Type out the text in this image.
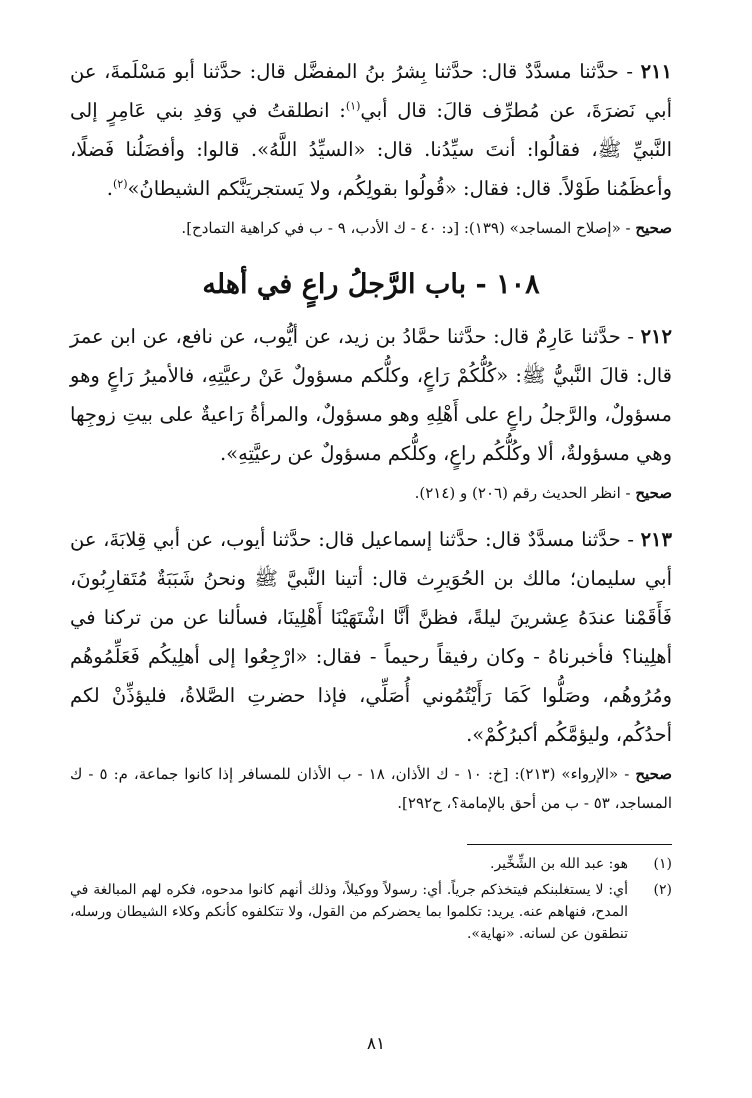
٢١١ - حدَّثنا مسدَّدٌ قال: حدَّثنا بِشرُ بنُ المفضَّل قال: حدَّثنا أبو مَسْلَمةَ، عن أبي نَضرَةَ، عن مُطرِّف قالَ: قال أبي$^{(١)}$: انطلقتُ في وَفدِ بني عَامِرٍ إلى النَّبيِّ ﷺ، فقالُوا: أنتَ سيِّدُنا. قال: «السيِّدُ اللَّهُ». قالوا: وأفضَلُنا فَضلًا، وأعظَمُنا طَوْلاً. قال: فقال: «قُولُوا بقولِكُم، ولا يَستجريَنَّكم الشيطانُ»$^{(٢)}$.

صحيح - «إصلاح المساجد» (١٣٩): [د: ٤٠ - ك الأدب، ٩ - ب في كراهية التمادح].

١٠٨ - باب الرَّجلُ راعٍ في أهله

٢١٢ - حدَّثنا عَارِمٌ قال: حدَّثنا حمَّادُ بن زيد، عن أيُّوب، عن نافع، عن ابن عمرَ قال: قالَ النَّبيُّ ﷺ: «كُلُّكُمْ رَاعٍ، وكلُّكم مسؤولٌ عَنْ رعيَّتِهِ، فالأميرُ رَاعٍ وهو مسؤولٌ، والرَّجلُ راعٍ على أَهْلِهِ وهو مسؤولٌ، والمرأةُ رَاعيةٌ على بيتِ زوجِها وهي مسؤولةٌ، ألا وكُلُّكُم راعٍ، وكلُّكم مسؤولٌ عن رعيَّتِهِ».

صحيح - انظر الحديث رقم (٢٠٦) و (٢١٤).

٢١٣ - حدَّثنا مسدَّدٌ قال: حدَّثنا إسماعيل قال: حدَّثنا أيوب، عن أبي قِلابَةَ، عن أبي سليمان؛ مالك بن الحُوَيرِث قال: أتينا النَّبيَّ ﷺ ونحنُ شَبَبَةٌ مُتَقارِبُونَ، فَأَقَمْنا عندَهُ عِشرينَ ليلةً، فظنَّ أنَّا اشْتَهَيْنَا أَهْلِينَا، فسألنا عن من تركنا في أهلِينا؟ فأخبرناهُ - وكان رفيقاً رحيماً - فقال: «ارْجِعُوا إلى أهلِيكُم فَعَلِّمُوهُم ومُرُوهُم، وصَلُّوا كَمَا رَأَيْتُمُوني أُصَلِّي، فإذا حضرتِ الصَّلاةُ، فليؤذِّنْ لكم أحدُكُم، وليؤمَّكُم أكبرُكُمْ».

صحيح - «الإرواء» (٢١٣): [خ: ١٠ - ك الأذان، ١٨ - ب الأذان للمسافر إذا كانوا جماعة، م: ٥ - ك المساجد، ٥٣ - ب من أحق بالإمامة؟، ح٢٩٢].

(١)
هو: عبد الله بن الشِّخِّير.
(٢)
أي: لا يستغلبنكم فيتخذكم جرياً. أي: رسولاً ووكيلاً، وذلك أنهم كانوا مدحوه، فكره لهم المبالغة في المدح، فنهاهم عنه. يريد: تكلموا بما يحضركم من القول، ولا تتكلفوه كأنكم وكلاء الشيطان ورسله، تنطقون عن لسانه. «نهاية».
٨١
